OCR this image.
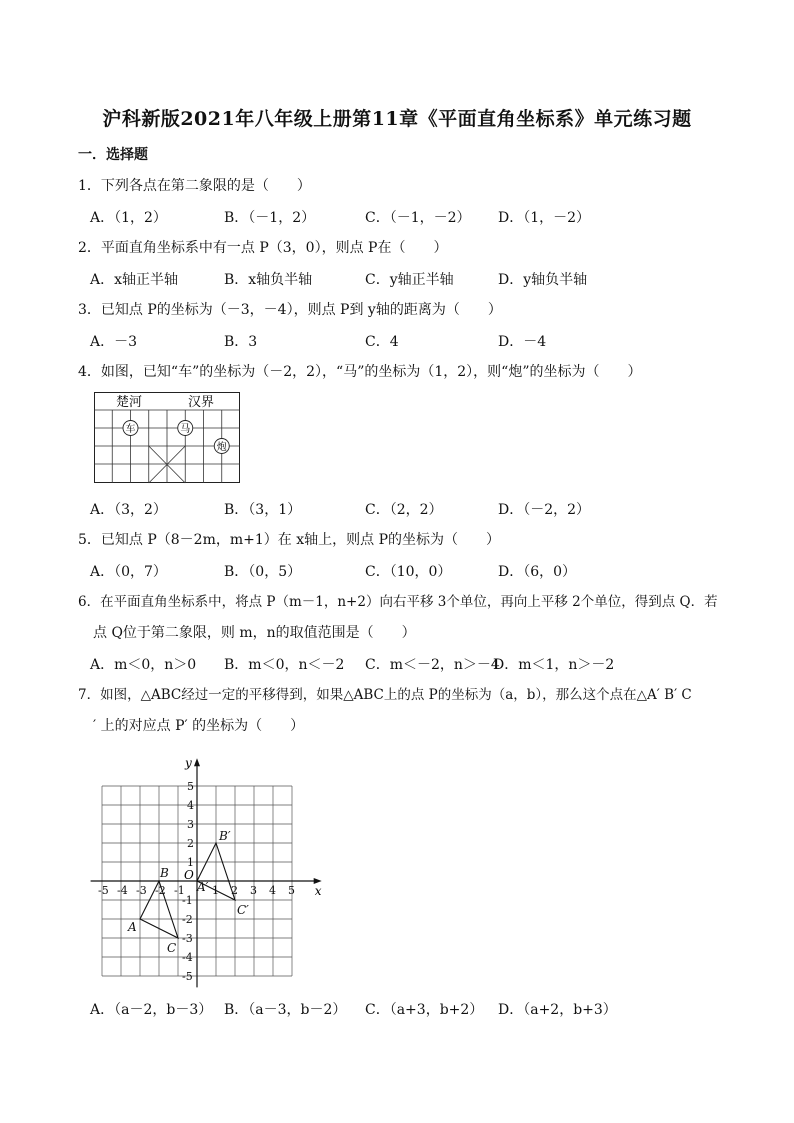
沪科新版2021年八年级上册第11章《平面直角坐标系》单元练习题
一．选择题
1．下列各点在第二象限的是（　　）
A．（1，2）	B．（－1，2）	C．（－1，－2） D．（1，－2）
2．平面直角坐标系中有一点 P（3，0），则点 P在（　　）
A．x轴正半轴	B．x轴负半轴	C．y轴正半轴	D．y轴负半轴
3．已知点 P的坐标为（－3，－4），则点 P到 y轴的距离为（　　）
A．－3	B．3	C．4	D．－4
4．如图，已知“车”的坐标为（－2，2），“马”的坐标为（1，2），则“炮”的坐标为（　　）
楚河	汉界
车	马
炮
A．（3，2）	B．（3，1）	C．（2，2）	D．（－2，2）
5．已知点 P（8－2m，m+1）在 x轴上，则点 P的坐标为（　　）
A．（0，7）	B．（0，5）	C．（10，0）	D．（6，0）
6．在平面直角坐标系中，将点 P（m－1，n+2）向右平移 3个单位，再向上平移 2个单位，得到点 Q．若
点 Q位于第二象限，则 m，n的取值范围是（　　）
A．m＜0，n＞0 B．m＜0，n＜－2 C．m＜－2，n＞－4
D．m＜1，n＞－2
7．如图，△ABC经过一定的平移得到，如果△ABC上的点 P的坐标为（a，b），那么这个点在△A′ B′ C
′ 上的对应点 P′ 的坐标为（　　）
-5 -4 -3 -2 -1 1 2 3 4 5
5
4
3
2
1
-1
-2
-3
-4
-5
x
y
O
A
B
C
A′
B′
C′
A．（a－2，b－3） B．（a－3，b－2） C．（a+3，b+2） D．（a+2，b+3）
